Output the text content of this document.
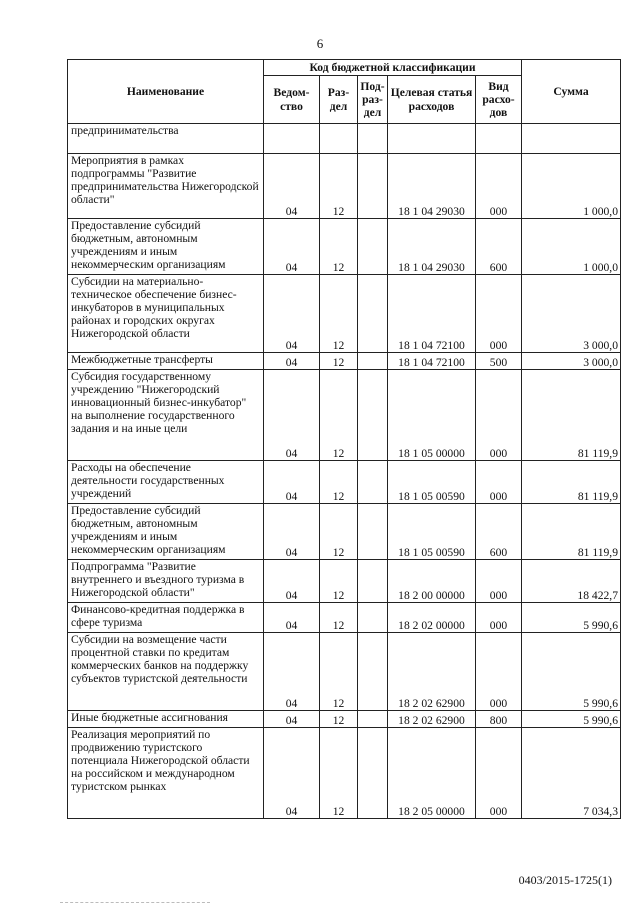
6
Наименование	Код бюджетной классификации					Сумма
	Ведом-ство	Раз-дел	Под-раз-дел	Целевая статья расходов	Вид расхо-дов	
предпринимательства						
Мероприятия в рамках подпрограммы "Развитие предпринимательства Нижегородской области"	04	12		18 1 04 29030	000	1 000,0
Предоставление субсидий бюджетным, автономным учреждениям и иным некоммерческим организациям	04	12		18 1 04 29030	600	1 000,0
Субсидии на материально-техническое обеспечение бизнес-инкубаторов в муниципальных районах и городских округах Нижегородской области	04	12		18 1 04 72100	000	3 000,0
Межбюджетные трансферты	04	12		18 1 04 72100	500	3 000,0
Субсидия государственному учреждению "Нижегородский инновационный бизнес-инкубатор" на выполнение государственного задания и на иные цели	04	12		18 1 05 00000	000	81 119,9
Расходы на обеспечение деятельности государственных учреждений	04	12		18 1 05 00590	000	81 119,9
Предоставление субсидий бюджетным, автономным учреждениям и иным некоммерческим организациям	04	12		18 1 05 00590	600	81 119,9
Подпрограмма "Развитие внутреннего и въездного туризма в Нижегородской области"	04	12		18 2 00 00000	000	18 422,7
Финансово-кредитная поддержка в сфере туризма	04	12		18 2 02 00000	000	5 990,6
Субсидии на возмещение части процентной ставки по кредитам коммерческих банков на поддержку субъектов туристской деятельности	04	12		18 2 02 62900	000	5 990,6
Иные бюджетные ассигнования	04	12		18 2 02 62900	800	5 990,6
Реализация мероприятий по продвижению туристского потенциала Нижегородской области на российском и международном туристском рынках	04	12		18 2 05 00000	000	7 034,3
0403/2015-1725(1)
